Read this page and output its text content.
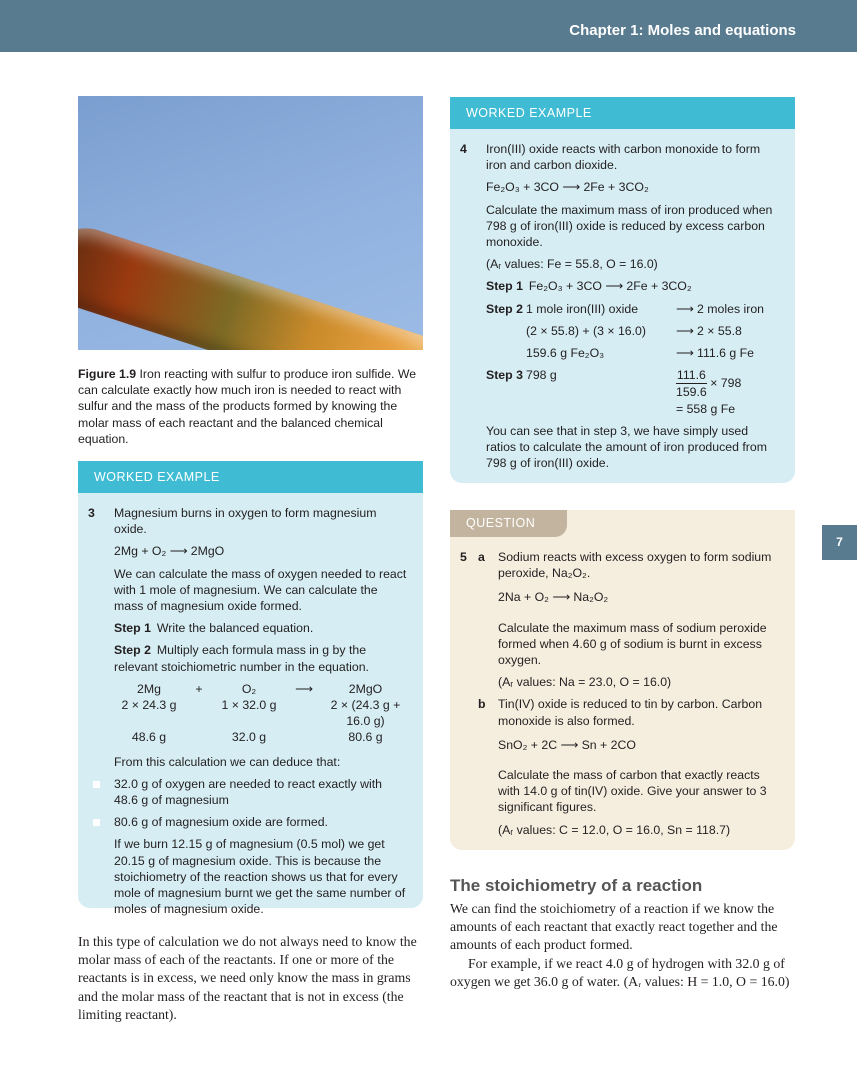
Chapter 1: Moles and equations
7
Figure 1.9 Iron reacting with sulfur to produce iron sulfide. We can calculate exactly how much iron is needed to react with sulfur and the mass of the products formed by knowing the molar mass of each reactant and the balanced chemical equation.
WORKED EXAMPLE
3	Magnesium burns in oxygen to form magnesium oxide.

2Mg + O₂ ⟶ 2MgO

We can calculate the mass of oxygen needed to react with 1 mole of magnesium. We can calculate the mass of magnesium oxide formed.

Step 1 Write the balanced equation.

Step 2 Multiply each formula mass in g by the relevant stoichiometric number in the equation.

2Mg	+	O₂	⟶	2MgO
2 × 24.3 g	1 × 32.0 g	2 × (24.3 g + 16.0 g)
48.6 g	32.0 g	80.6 g

From this calculation we can deduce that:

32.0 g of oxygen are needed to react exactly with 48.6 g of magnesium

80.6 g of magnesium oxide are formed.

If we burn 12.15 g of magnesium (0.5 mol) we get 20.15 g of magnesium oxide. This is because the stoichiometry of the reaction shows us that for every mole of magnesium burnt we get the same number of moles of magnesium oxide.

In this type of calculation we do not always need to know the molar mass of each of the reactants. If one or more of the reactants is in excess, we need only know the mass in grams and the molar mass of the reactant that is not in excess (the limiting reactant).
WORKED EXAMPLE
4	Iron(III) oxide reacts with carbon monoxide to form iron and carbon dioxide.

Fe₂O₃ + 3CO ⟶ 2Fe + 3CO₂

Calculate the maximum mass of iron produced when 798 g of iron(III) oxide is reduced by excess carbon monoxide.

(Aᵣ values: Fe = 55.8, O = 16.0)

Step 1 Fe₂O₃ + 3CO ⟶ 2Fe + 3CO₂

Step 2 1 mole iron(III) oxide	⟶ 2 moles iron
(2 × 55.8) + (3 × 16.0)	⟶ 2 × 55.8
159.6 g Fe₂O₃	⟶ 111.6 g Fe
Step 3 798 g	$\frac{111.6}{159.6} \times 798$
= 558 g Fe

You can see that in step 3, we have simply used ratios to calculate the amount of iron produced from 798 g of iron(III) oxide.

QUESTION
5 a	Sodium reacts with excess oxygen to form sodium peroxide, Na₂O₂.

2Na + O₂ ⟶ Na₂O₂

Calculate the maximum mass of sodium peroxide formed when 4.60 g of sodium is burnt in excess oxygen.

(Aᵣ values: Na = 23.0, O = 16.0)

b	Tin(IV) oxide is reduced to tin by carbon. Carbon monoxide is also formed.

SnO₂ + 2C ⟶ Sn + 2CO

Calculate the mass of carbon that exactly reacts with 14.0 g of tin(IV) oxide. Give your answer to 3 significant figures.

(Aᵣ values: C = 12.0, O = 16.0, Sn = 118.7)

The stoichiometry of a reaction
We can find the stoichiometry of a reaction if we know the amounts of each reactant that exactly react together and the amounts of each product formed.
For example, if we react 4.0 g of hydrogen with 32.0 g of oxygen we get 36.0 g of water. (Aᵣ values: H = 1.0, O = 16.0)
